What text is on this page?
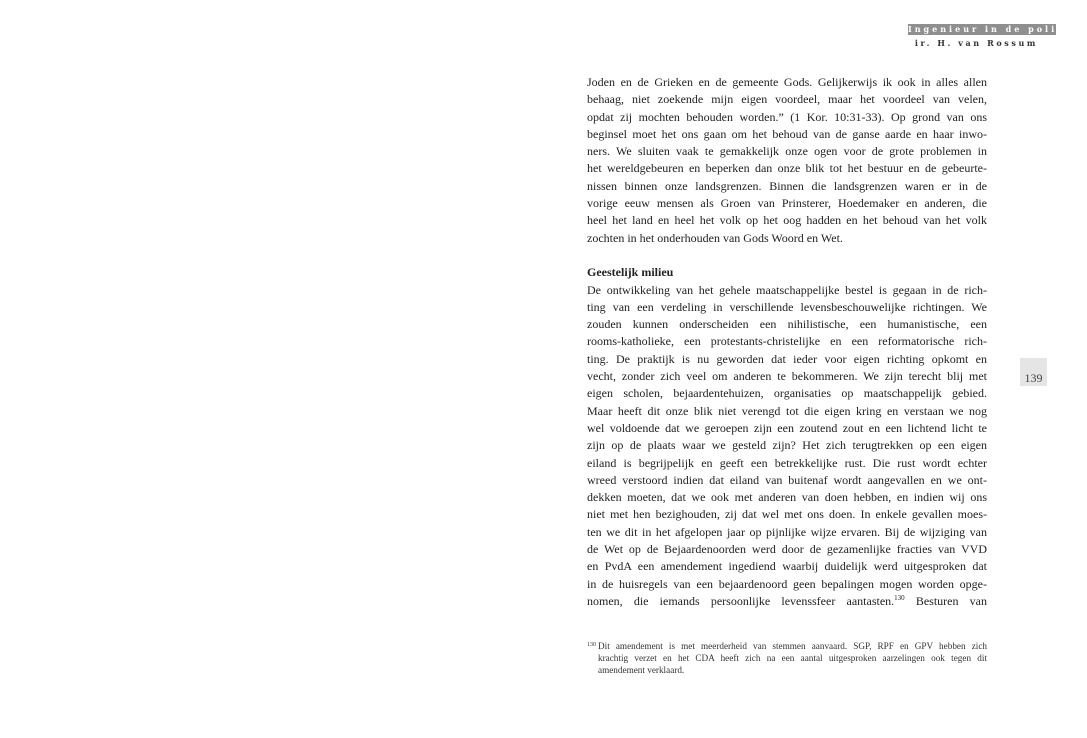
Ingenieur in de politiek
ir. H. van Rossum
Joden en de Grieken en de gemeente Gods. Gelijkerwijs ik ook in alles allen
behaag, niet zoekende mijn eigen voordeel, maar het voordeel van velen,
opdat zij mochten behouden worden.” (1 Kor. 10:31-33). Op grond van ons
beginsel moet het ons gaan om het behoud van de ganse aarde en haar inwo-
ners. We sluiten vaak te gemakkelijk onze ogen voor de grote problemen in
het wereldgebeuren en beperken dan onze blik tot het bestuur en de gebeurte-
nissen binnen onze landsgrenzen. Binnen die landsgrenzen waren er in de
vorige eeuw mensen als Groen van Prinsterer, Hoedemaker en anderen, die
heel het land en heel het volk op het oog hadden en het behoud van het volk
zochten in het onderhouden van Gods Woord en Wet.
Geestelijk milieu
De ontwikkeling van het gehele maatschappelijke bestel is gegaan in de rich-
ting van een verdeling in verschillende levensbeschouwelijke richtingen. We
zouden kunnen onderscheiden een nihilistische, een humanistische, een
rooms-katholieke, een protestants-christelijke en een reformatorische rich-
ting. De praktijk is nu geworden dat ieder voor eigen richting opkomt en
vecht, zonder zich veel om anderen te bekommeren. We zijn terecht blij met
eigen scholen, bejaardentehuizen, organisaties op maatschappelijk gebied.
Maar heeft dit onze blik niet verengd tot die eigen kring en verstaan we nog
wel voldoende dat we geroepen zijn een zoutend zout en een lichtend licht te
zijn op de plaats waar we gesteld zijn? Het zich terugtrekken op een eigen
eiland is begrijpelijk en geeft een betrekkelijke rust. Die rust wordt echter
wreed verstoord indien dat eiland van buitenaf wordt aangevallen en we ont-
dekken moeten, dat we ook met anderen van doen hebben, en indien wij ons
niet met hen bezighouden, zij dat wel met ons doen. In enkele gevallen moes-
ten we dit in het afgelopen jaar op pijnlijke wijze ervaren. Bij de wijziging van
de Wet op de Bejaardenoorden werd door de gezamenlijke fracties van VVD
en PvdA een amendement ingediend waarbij duidelijk werd uitgesproken dat
in de huisregels van een bejaardenoord geen bepalingen mogen worden opge-
nomen, die iemands persoonlijke levenssfeer aantasten.$^{130}$ Besturen van
139
130 Dit amendement is met meerderheid van stemmen aanvaard. SGP, RPF en GPV hebben zich
krachtig verzet en het CDA heeft zich na een aantal uitgesproken aarzelingen ook tegen dit
amendement verklaard.
